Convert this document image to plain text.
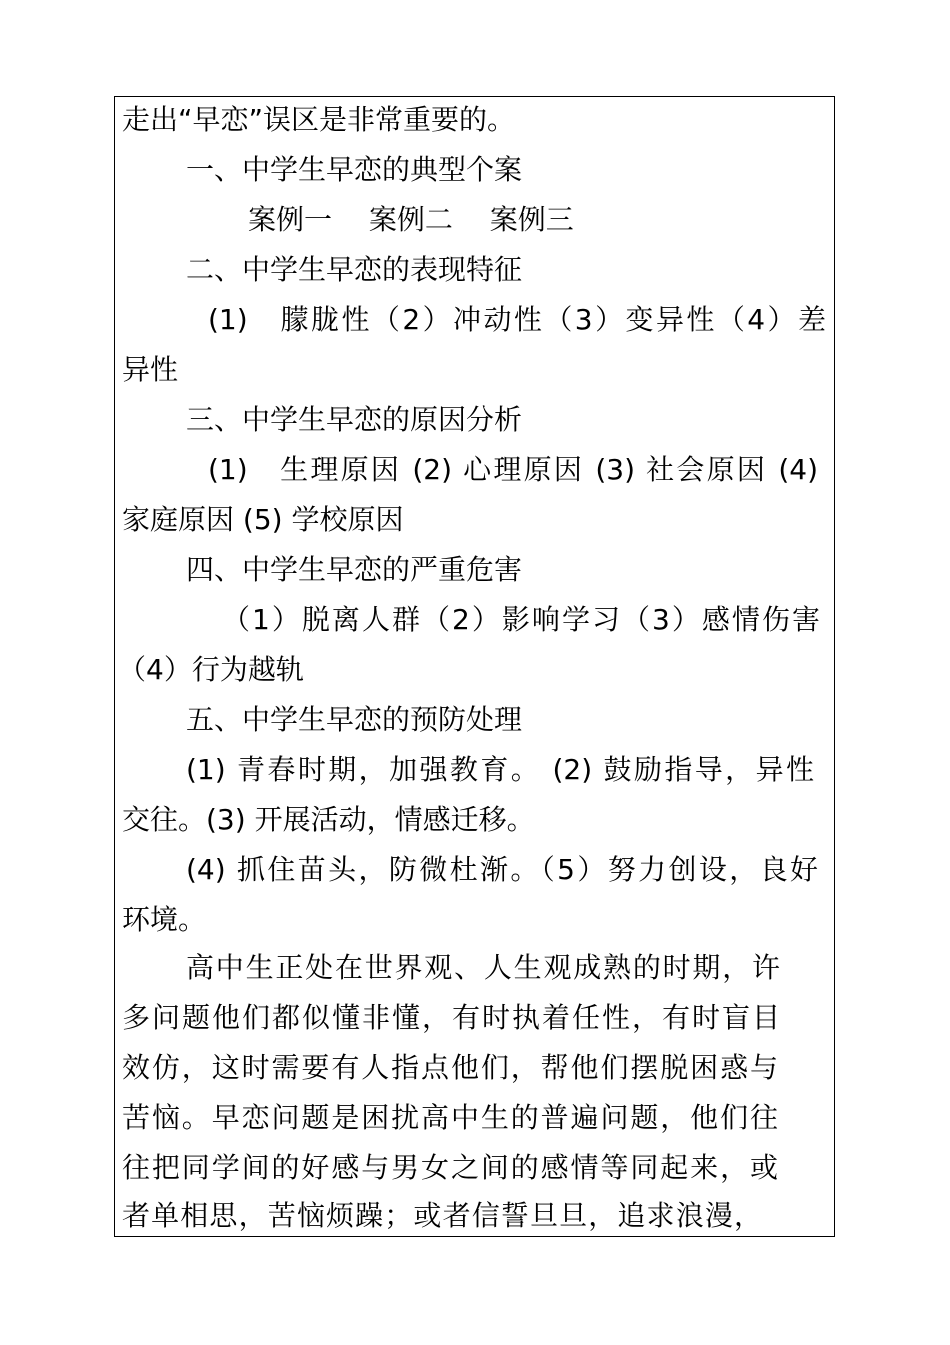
走出“早恋”误区是非常重要的。
一、中学生早恋的典型个案
案例一　 案例二　 案例三
二、中学生早恋的表现特征
(1)　朦胧性（2）冲动性（3）变异性（4）差
异性
三、中学生早恋的原因分析
(1)　生理原因 (2) 心理原因 (3) 社会原因 (4)
家庭原因 (5) 学校原因
四、中学生早恋的严重危害
（1）脱离人群（2）影响学习（3）感情伤害
（4）行为越轨
五、中学生早恋的预防处理
(1) 青春时期，加强教育。 (2) 鼓励指导，异性
交往。(3) 开展活动，情感迁移。
(4) 抓住苗头，防微杜渐。（5）努力创设，良好
环境。
高中生正处在世界观、人生观成熟的时期，许
多问题他们都似懂非懂，有时执着任性，有时盲目
效仿，这时需要有人指点他们，帮他们摆脱困惑与
苦恼。早恋问题是困扰高中生的普遍问题，他们往
往把同学间的好感与男女之间的感情等同起来，或
者单相思，苦恼烦躁；或者信誓旦旦，追求浪漫，
